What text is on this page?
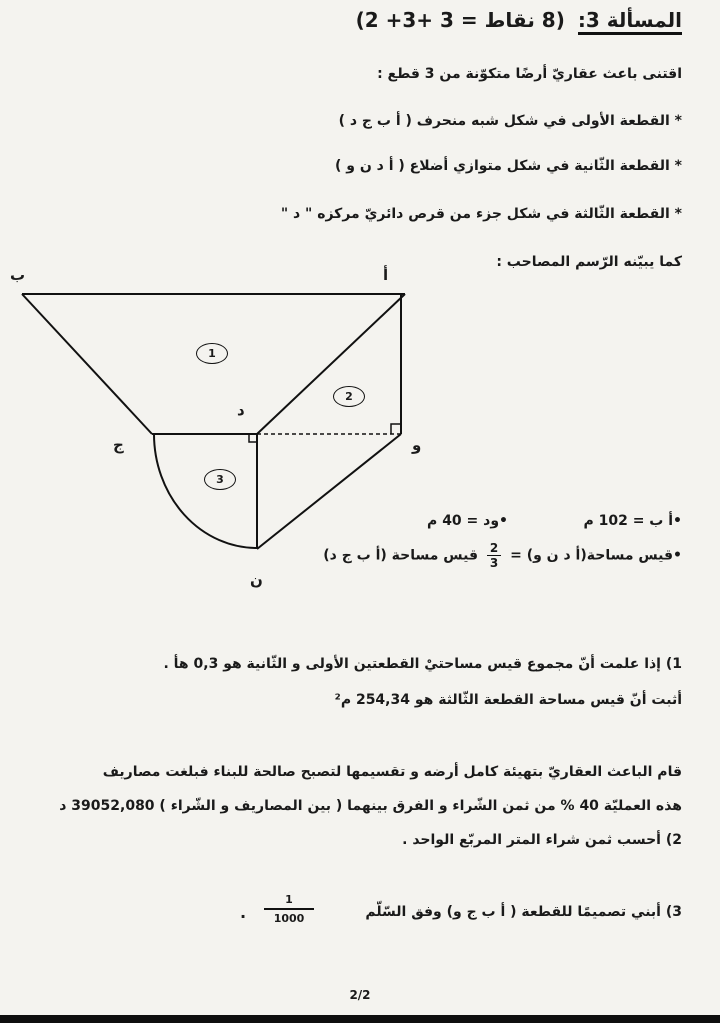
المسألة 3: (8 نقاط = 3 +3+ 2)
اقتنى باعث عقاريّ أرضًا متكوّنة من 3 قطع :
* القطعة الأولى في شكل شبه منحرف ( أ ب ج د )
* القطعة الثّانية في شكل متوازي أضلاع ( أ د ن و )
* القطعة الثّالثة في شكل جزء من قرص دائريّ مركزه " د "
كما يبيّنه الرّسم المصاحب :
ب	أ
د
ج	و
ن
1
2
3
•أ ب = 102 م
•ود = 40 م
•قيس مساحة(أ د ن و) =
$\frac{2}{3}$
قيس مساحة (أ ب ج د)
1) إذا علمت أنّ مجموع قيس مساحتيْ القطعتين الأولى و الثّانية هو 0,3 هأ .
أثبت أنّ قيس مساحة القطعة الثّالثة هو 254,34 م²
قام الباعث العقاريّ بتهيئة كامل أرضه و تقسيمها لتصبح صالحة للبناء فبلغت مصاريف
هذه العمليّة 40 % من ثمن الشّراء و الفرق بينهما ( بين المصاريف و الشّراء ) 39052,080 د
2) أحسب ثمن شراء المتر المربّع الواحد .
3) أبني تصميمًا للقطعة ( أ ب ج و) وفق السّلّم
$\frac{1}{1000}$
.
2/2
